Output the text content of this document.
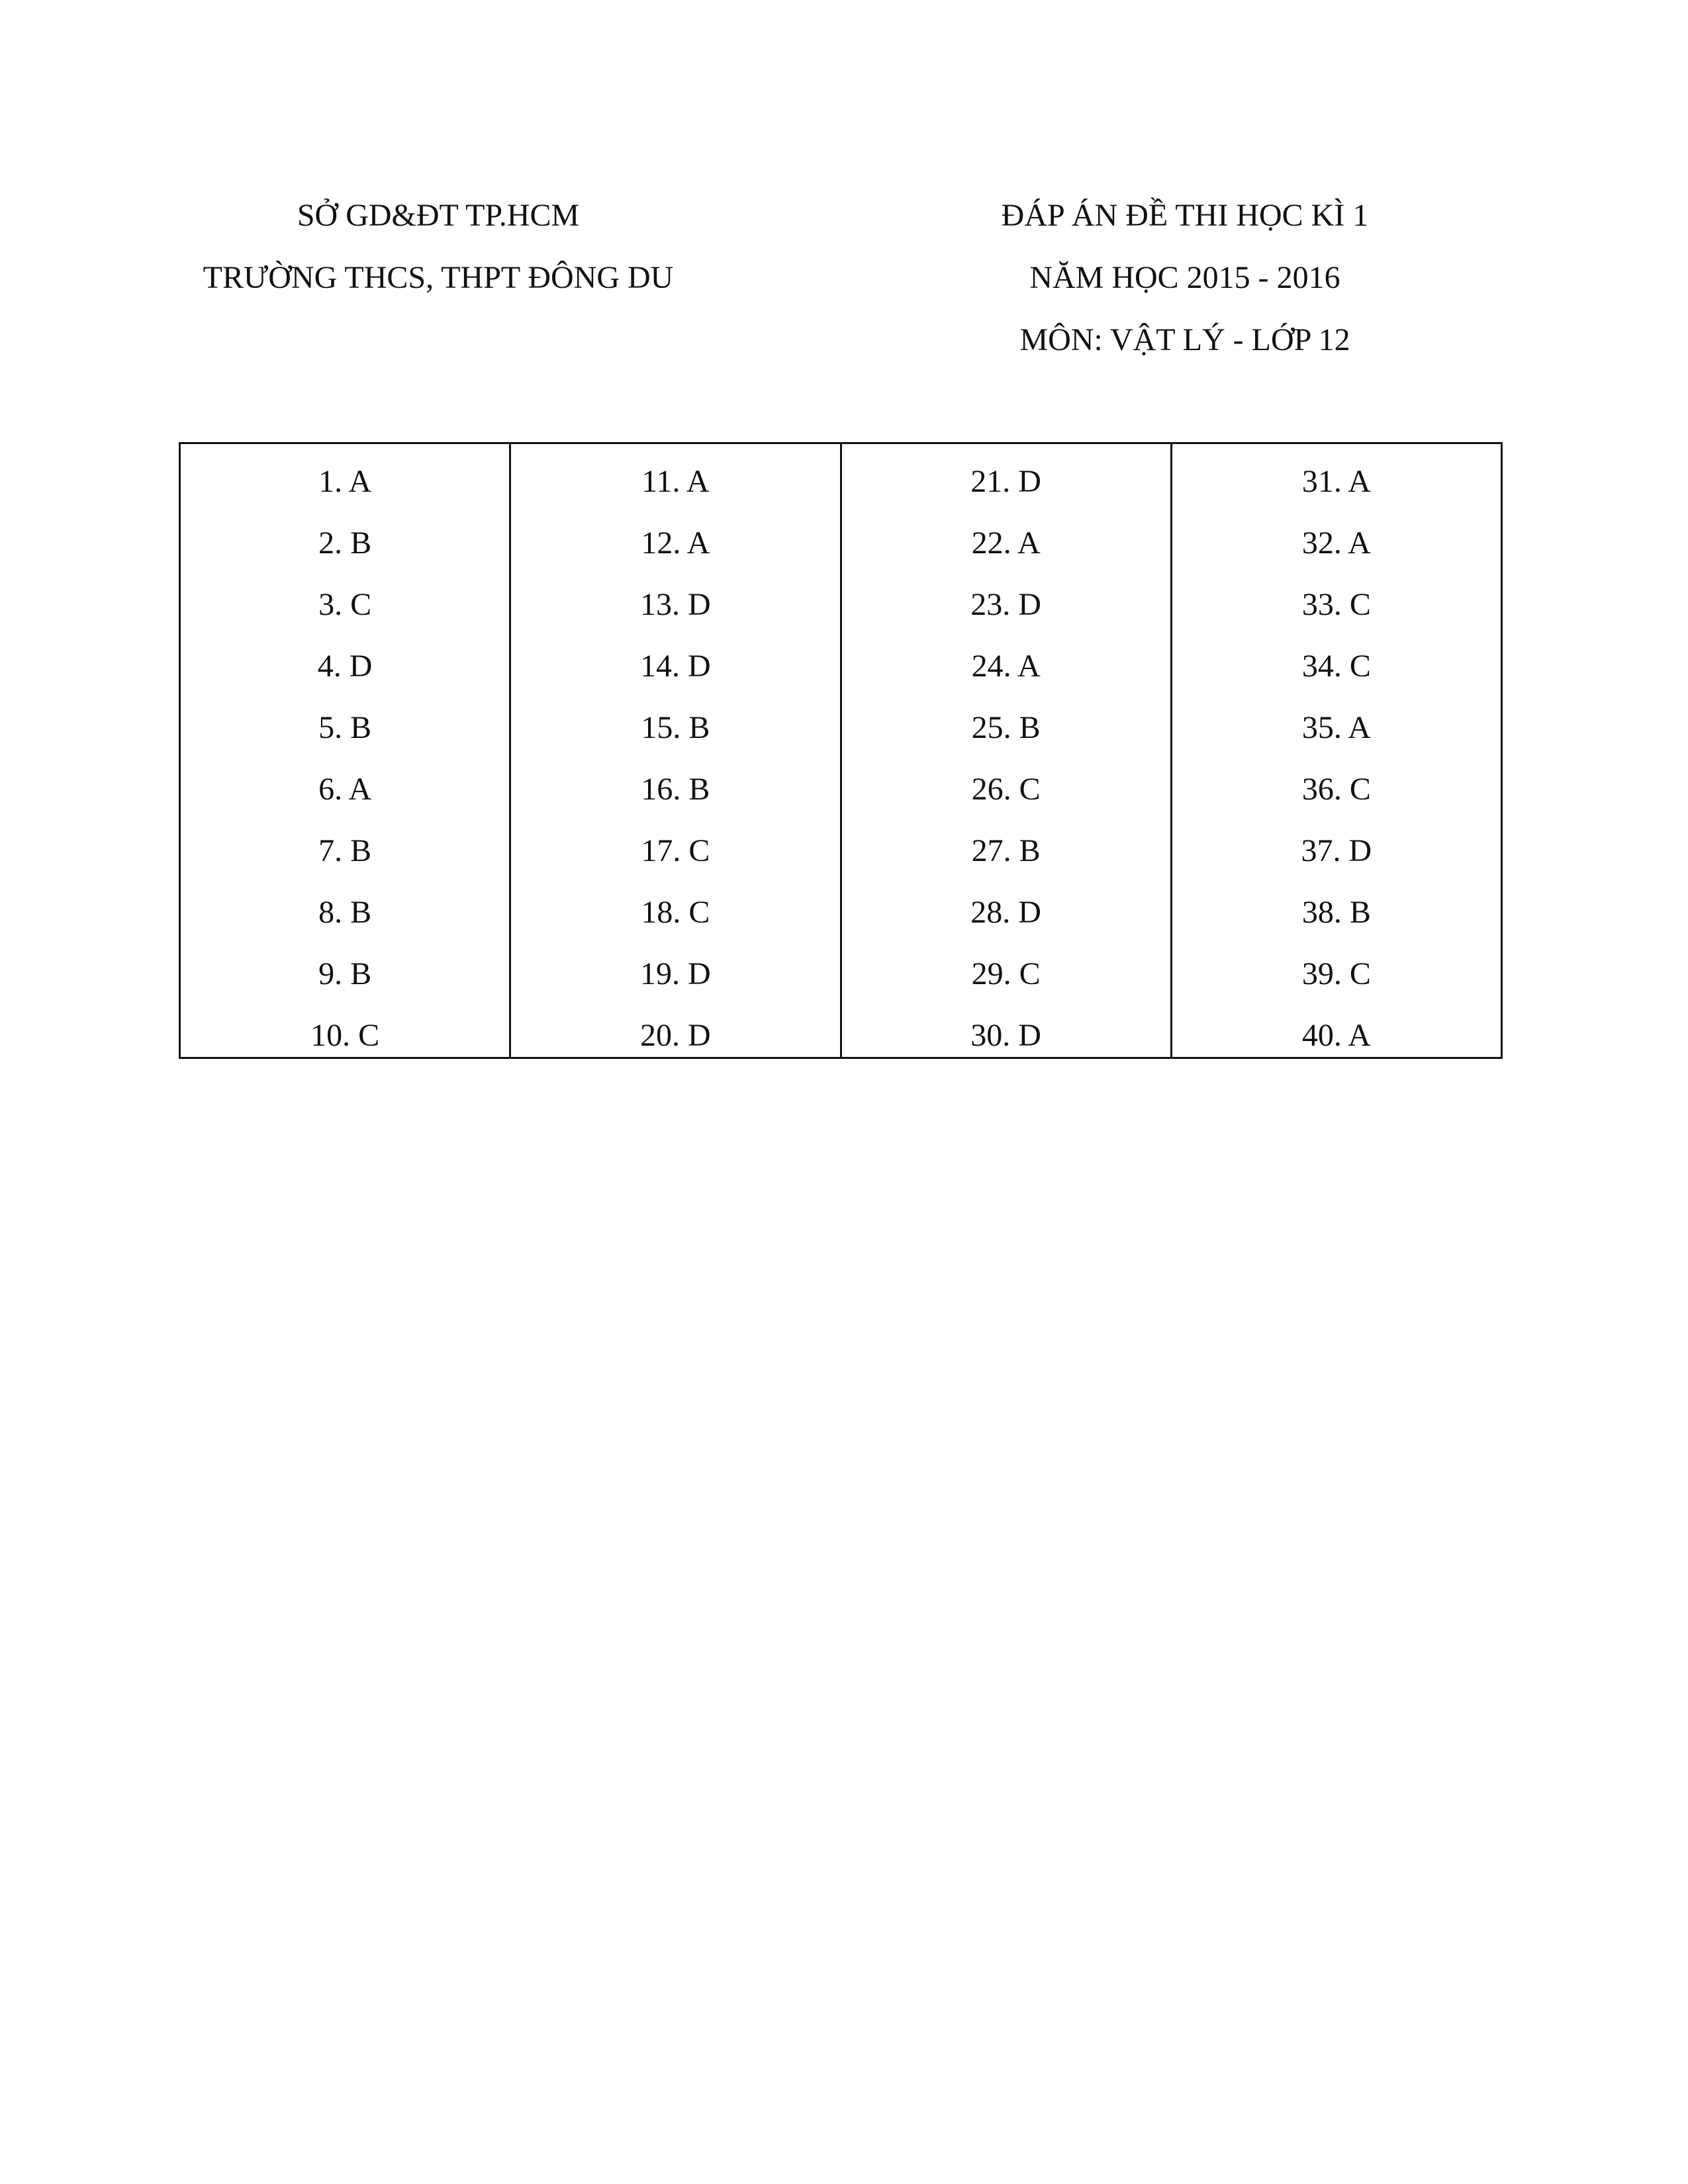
SỞ GD&ĐT TP.HCM
TRƯỜNG THCS, THPT ĐÔNG DU
ĐÁP ÁN ĐỀ THI HỌC KÌ 1
NĂM HỌC 2015 - 2016
MÔN: VẬT LÝ - LỚP 12
1. A
2. B
3. C
4. D
5. B
6. A
7. B
8. B
9. B
10. C
11. A
12. A
13. D
14. D
15. B
16. B
17. C
18. C
19. D
20. D
21. D
22. A
23. D
24. A
25. B
26. C
27. B
28. D
29. C
30. D
31. A
32. A
33. C
34. C
35. A
36. C
37. D
38. B
39. C
40. A
